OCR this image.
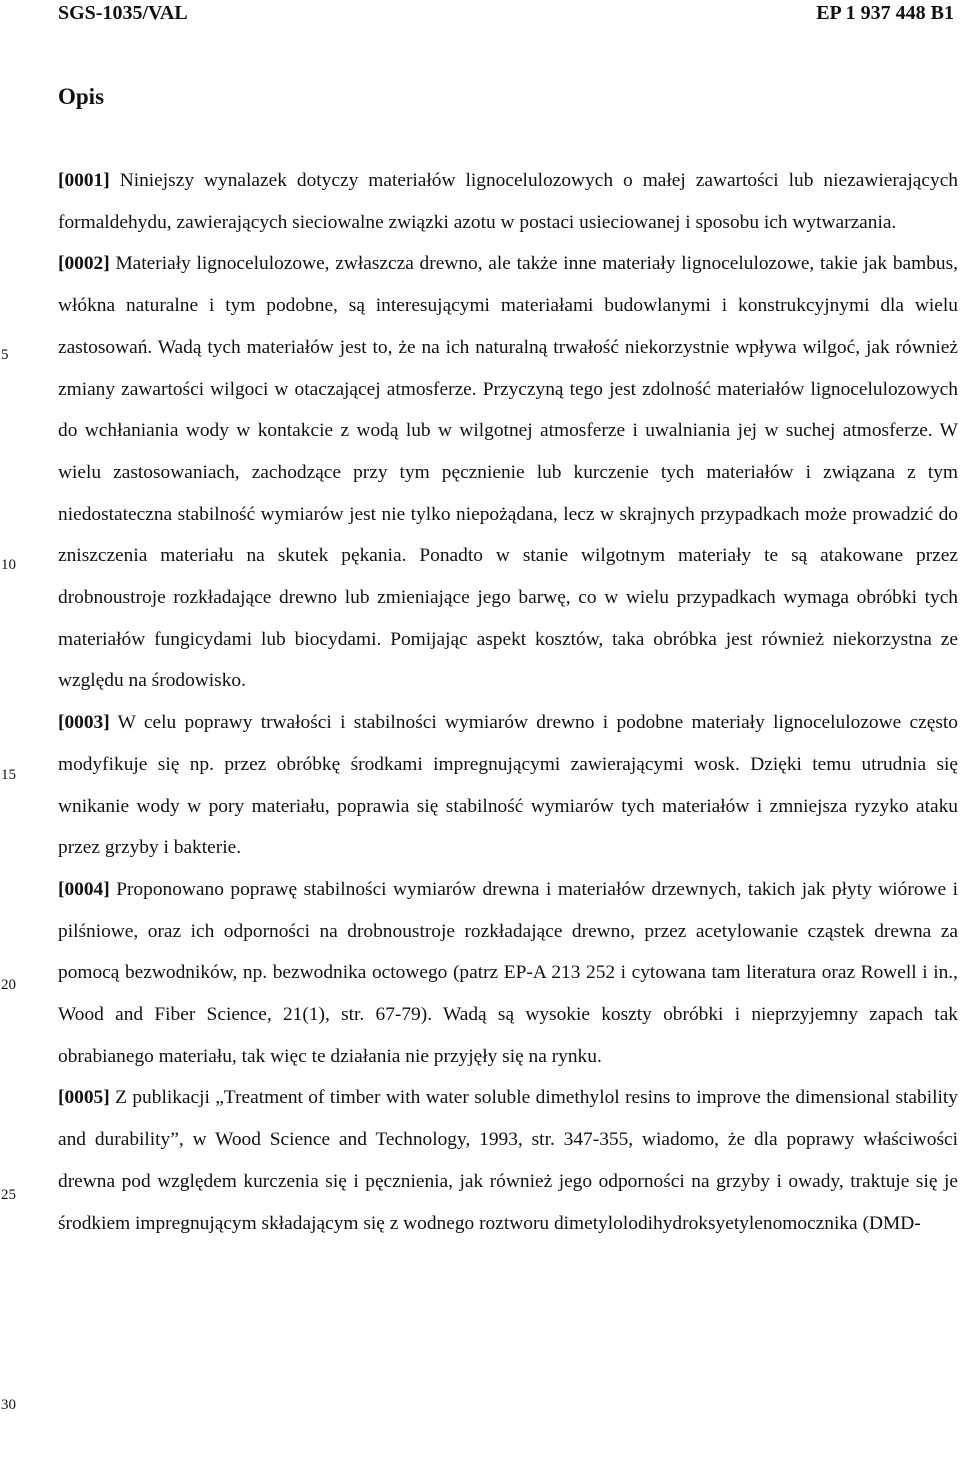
SGS-1035/VAL	EP 1 937 448 B1
Opis
5
10
15
20
25
30
[0001] Niniejszy wynalazek dotyczy materiałów lignocelulozowych o małej zawartości lub niezawierających formaldehydu, zawierających sieciowalne związki azotu w postaci usieciowanej i sposobu ich wytwarzania.
[0002] Materiały lignocelulozowe, zwłaszcza drewno, ale także inne materiały lignocelulozowe, takie jak bambus, włókna naturalne i tym podobne, są interesującymi materiałami budowlanymi i konstrukcyjnymi dla wielu zastosowań. Wadą tych materiałów jest to, że na ich naturalną trwałość niekorzystnie wpływa wilgoć, jak również zmiany zawartości wilgoci w otaczającej atmosferze. Przyczyną tego jest zdolność materiałów lignocelulozowych do wchłaniania wody w kontakcie z wodą lub w wilgotnej atmosferze i uwalniania jej w suchej atmosferze. W wielu zastosowaniach, zachodzące przy tym pęcznienie lub kurczenie tych materiałów i związana z tym niedostateczna stabilność wymiarów jest nie tylko niepożądana, lecz w skrajnych przypadkach może prowadzić do zniszczenia materiału na skutek pękania. Ponadto w stanie wilgotnym materiały te są atakowane przez drobnoustroje rozkładające drewno lub zmieniające jego barwę, co w wielu przypadkach wymaga obróbki tych materiałów fungicydami lub biocydami. Pomijając aspekt kosztów, taka obróbka jest również niekorzystna ze względu na środowisko.
[0003] W celu poprawy trwałości i stabilności wymiarów drewno i podobne materiały lignocelulozowe często modyfikuje się np. przez obróbkę środkami impregnującymi zawierającymi wosk. Dzięki temu utrudnia się wnikanie wody w pory materiału, poprawia się stabilność wymiarów tych materiałów i zmniejsza ryzyko ataku przez grzyby i bakterie.
[0004] Proponowano poprawę stabilności wymiarów drewna i materiałów drzewnych, takich jak płyty wiórowe i pilśniowe, oraz ich odporności na drobnoustroje rozkładające drewno, przez acetylowanie cząstek drewna za pomocą bezwodników, np. bezwodnika octowego (patrz EP-A 213 252 i cytowana tam literatura oraz Rowell i in., Wood and Fiber Science, 21(1), str. 67-79). Wadą są wysokie koszty obróbki i nieprzyjemny zapach tak obrabianego materiału, tak więc te działania nie przyjęły się na rynku.
[0005] Z publikacji „Treatment of timber with water soluble dimethylol resins to improve the dimensional stability and durability”, w Wood Science and Technology, 1993, str. 347-355, wiadomo, że dla poprawy właściwości drewna pod względem kurczenia się i pęcznienia, jak również jego odporności na grzyby i owady, traktuje się je środkiem impregnującym składającym się z wodnego roztworu dimetylolodihydroksyetylenomocznika (DMD-
